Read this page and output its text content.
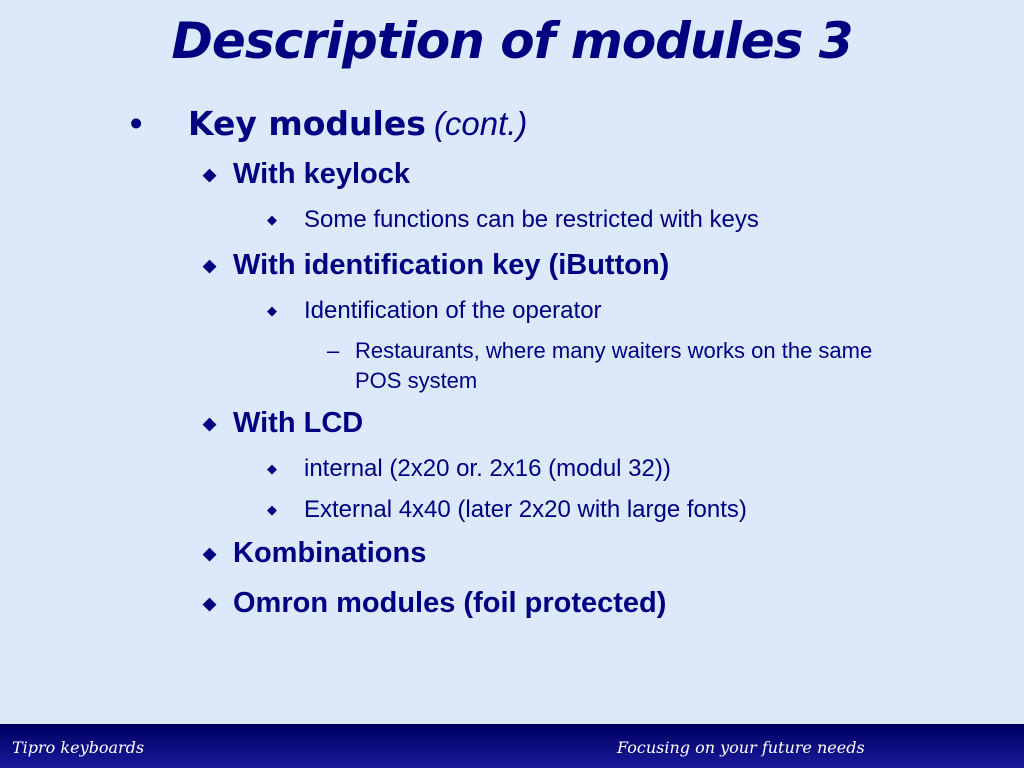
Description of modules 3
• Key modules (cont.)
◆ With keylock
◆ Some functions can be restricted with keys
◆ With identification key (iButton)
◆ Identification of the operator
– Restaurants, where many waiters works on the same
POS system
◆ With LCD
◆ internal (2x20 or. 2x16 (modul 32))
◆ External 4x40 (later 2x20 with large fonts)
◆ Kombinations
◆ Omron modules (foil protected)
Tipro keyboards	Focusing on your future needs
